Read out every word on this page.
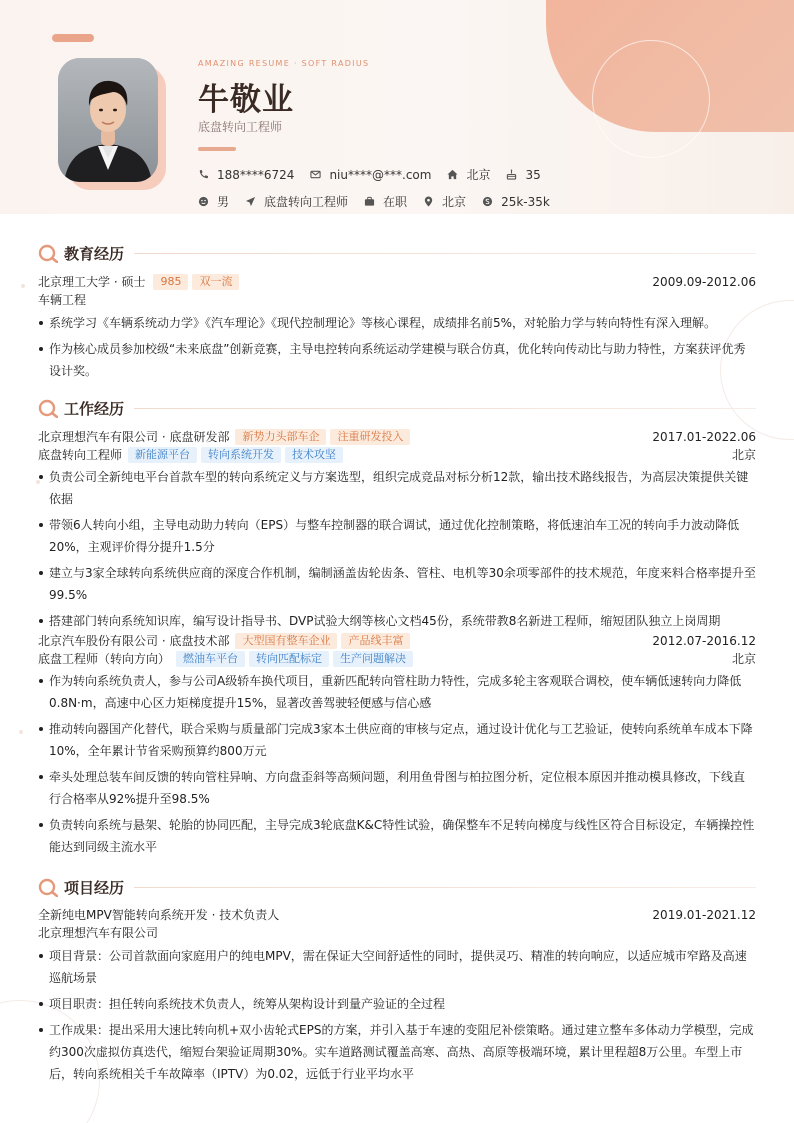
AMAZING RESUME · SOFT RADIUS
牛敬业
底盘转向工程师
188****6724	niu****@***.com	北京	35
男	底盘转向工程师	在职	北京	25k-35k
教育经历
北京理工大学 · 硕士	985	双一流	2009.09-2012.06
车辆工程
系统学习《车辆系统动力学》《汽车理论》《现代控制理论》等核心课程，成绩排名前5%，对轮胎力学与转向特性有深入理解。
作为核心成员参加校级“未来底盘”创新竞赛，主导电控转向系统运动学建模与联合仿真，优化转向传动比与助力特性，方案获评优秀设计奖。
工作经历
北京理想汽车有限公司 · 底盘研发部	新势力头部车企	注重研发投入	2017.01-2022.06
底盘转向工程师	新能源平台	转向系统开发	技术攻坚	北京
负责公司全新纯电平台首款车型的转向系统定义与方案选型，组织完成竞品对标分析12款，输出技术路线报告，为高层决策提供关键依据
带领6人转向小组，主导电动助力转向（EPS）与整车控制器的联合调试，通过优化控制策略，将低速泊车工况的转向手力波动降低20%，主观评价得分提升1.5分
建立与3家全球转向系统供应商的深度合作机制，编制涵盖齿轮齿条、管柱、电机等30余项零部件的技术规范，年度来料合格率提升至99.5%
搭建部门转向系统知识库，编写设计指导书、DVP试验大纲等核心文档45份，系统带教8名新进工程师，缩短团队独立上岗周期
北京汽车股份有限公司 · 底盘技术部	大型国有整车企业	产品线丰富	2012.07-2016.12
底盘工程师（转向方向）	燃油车平台	转向匹配标定	生产问题解决	北京
作为转向系统负责人，参与公司A级轿车换代项目，重新匹配转向管柱助力特性，完成多轮主客观联合调校，使车辆低速转向力降低0.8N·m，高速中心区力矩梯度提升15%，显著改善驾驶轻便感与信心感
推动转向器国产化替代，联合采购与质量部门完成3家本土供应商的审核与定点，通过设计优化与工艺验证，使转向系统单车成本下降10%，全年累计节省采购预算约800万元
牵头处理总装车间反馈的转向管柱异响、方向盘歪斜等高频问题，利用鱼骨图与柏拉图分析，定位根本原因并推动模具修改，下线直行合格率从92%提升至98.5%
负责转向系统与悬架、轮胎的协同匹配，主导完成3轮底盘K&C特性试验，确保整车不足转向梯度与线性区符合目标设定，车辆操控性能达到同级主流水平
项目经历
全新纯电MPV智能转向系统开发 · 技术负责人	2019.01-2021.12
北京理想汽车有限公司
项目背景：公司首款面向家庭用户的纯电MPV，需在保证大空间舒适性的同时，提供灵巧、精准的转向响应，以适应城市窄路及高速巡航场景
项目职责：担任转向系统技术负责人，统筹从架构设计到量产验证的全过程
工作成果：提出采用大速比转向机+双小齿轮式EPS的方案，并引入基于车速的变阻尼补偿策略。通过建立整车多体动力学模型，完成约300次虚拟仿真迭代，缩短台架验证周期30%。实车道路测试覆盖高寒、高热、高原等极端环境，累计里程超8万公里。车型上市后，转向系统相关千车故障率（IPTV）为0.02，远低于行业平均水平
